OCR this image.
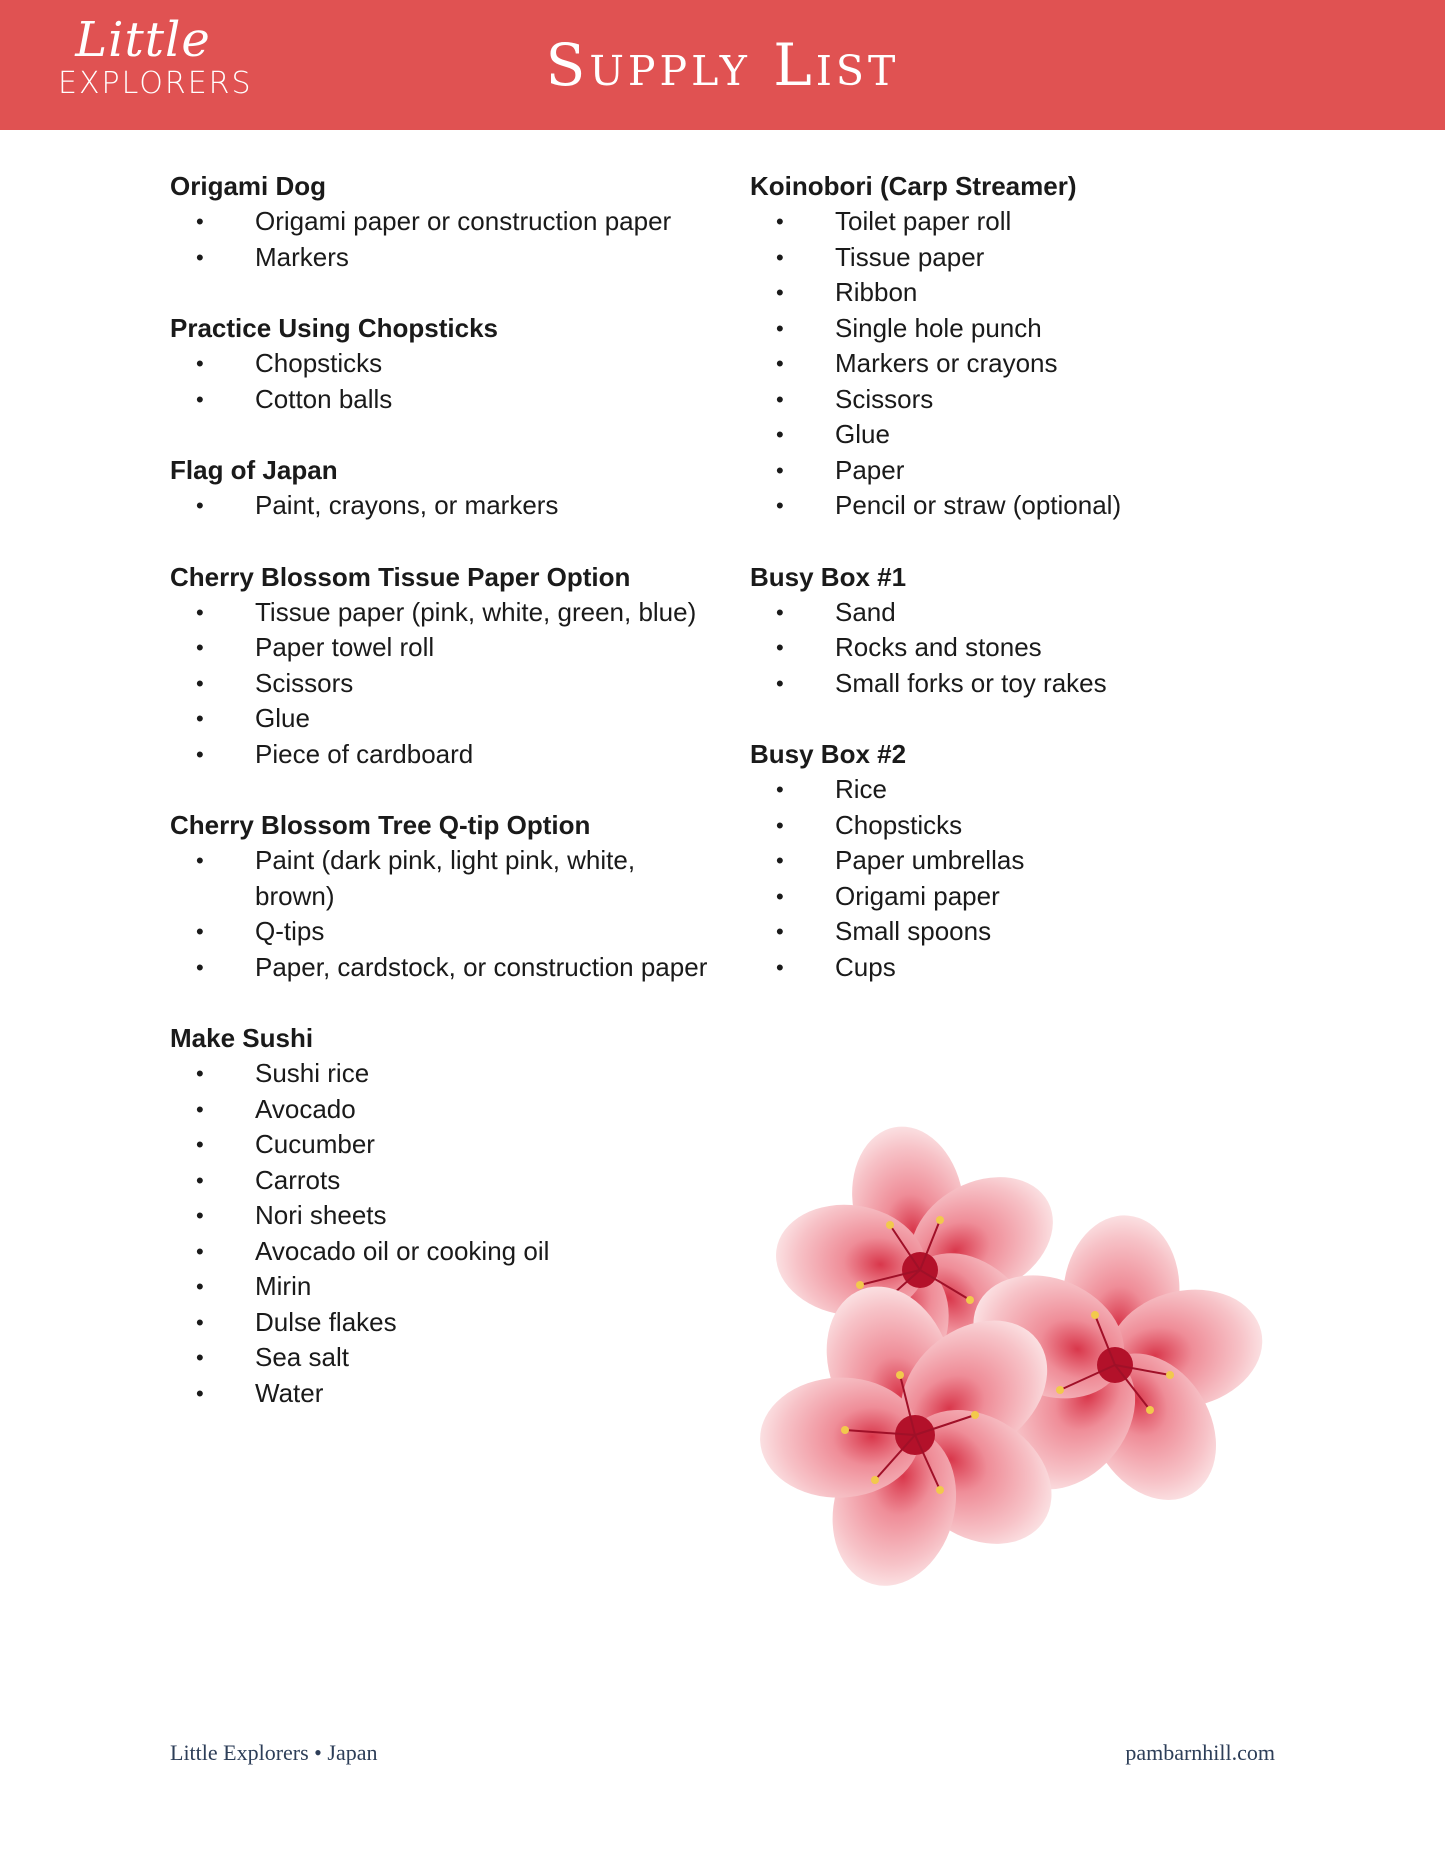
Little
EXPLORERS	Supply List
Origami Dog
• Origami paper or construction paper
• Markers
Practice Using Chopsticks
• Chopsticks
• Cotton balls
Flag of Japan
• Paint, crayons, or markers
Cherry Blossom Tissue Paper Option
• Tissue paper (pink, white, green, blue)
• Paper towel roll
• Scissors
• Glue
• Piece of cardboard
Cherry Blossom Tree Q-tip Option
• Paint (dark pink, light pink, white, brown)
• Q-tips
• Paper, cardstock, or construction paper
Make Sushi
• Sushi rice
• Avocado
• Cucumber
• Carrots
• Nori sheets
• Avocado oil or cooking oil
• Mirin
• Dulse flakes
• Sea salt
• Water
Koinobori (Carp Streamer)
• Toilet paper roll
• Tissue paper
• Ribbon
• Single hole punch
• Markers or crayons
• Scissors
• Glue
• Paper
• Pencil or straw (optional)
Busy Box #1
• Sand
• Rocks and stones
• Small forks or toy rakes
Busy Box #2
• Rice
• Chopsticks
• Paper umbrellas
• Origami paper
• Small spoons
• Cups
Little Explorers • Japan	pambarnhill.com
